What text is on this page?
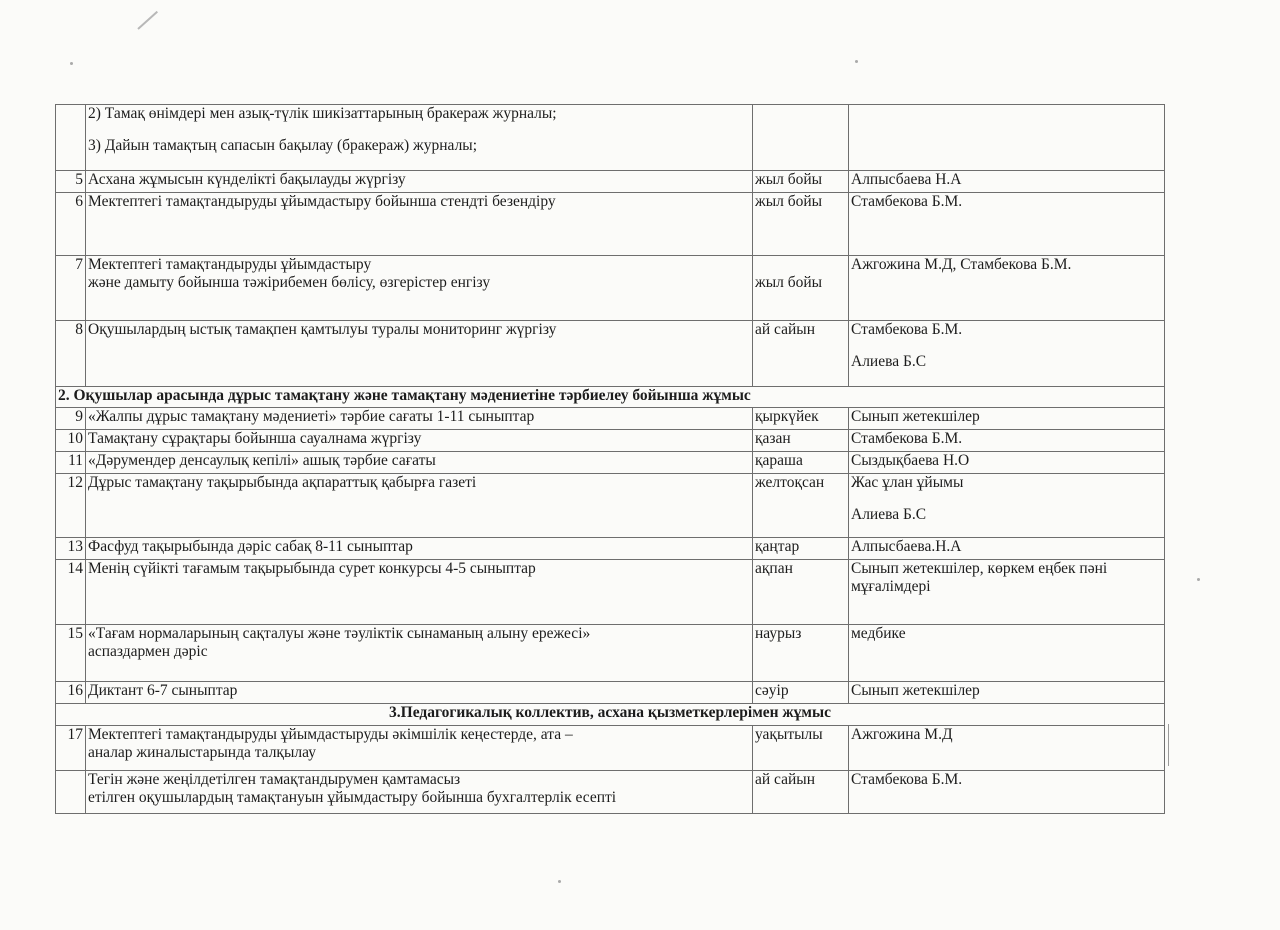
	2) Тамақ өнімдері мен азық-түлік шикізаттарының бракераж журналы;
3) Дайын тамақтың сапасын бақылау (бракераж) журналы;		

5	Асхана жұмысын күнделікті бақылауды жүргізу	жыл бойы	Алпысбаева Н.А
6	Мектептегі тамақтандыруды ұйымдастыру бойынша стендті безендіру	жыл бойы	Стамбекова Б.М.
7	Мектептегі тамақтандыруды ұйымдастыру
және дамыту бойынша тәжірибемен бөлісу, өзгерістер енгізу	жыл бойы	Ажгожина М.Д, Стамбекова Б.М.
8	Оқушылардың ыстық тамақпен қамтылуы туралы мониторинг жүргізу	ай сайын	Стамбекова Б.М.
Алиева Б.С

2. Оқушылар арасында дұрыс тамақтану және тамақтану мәдениетіне тәрбиелеу бойынша жұмыс			
9	«Жалпы дұрыс тамақтану мәдениеті» тәрбие сағаты 1-11 сыныптар	қыркүйек	Сынып жетекшілер
10	Тамақтану сұрақтары бойынша сауалнама жүргізу	қазан	Стамбекова Б.М.
11	«Дәрумендер денсаулық кепілі» ашық тәрбие сағаты	қараша	Сыздықбаева Н.О
12	Дұрыс тамақтану тақырыбында ақпараттық қабырға газеті	желтоқсан	Жас ұлан ұйымы
Алиева Б.С

13	Фасфуд тақырыбында дәріс сабақ 8-11 сыныптар	қаңтар	Алпысбаева.Н.А
14	Менің сүйікті тағамым тақырыбында сурет конкурсы 4-5 сыныптар	ақпан	Сынып жетекшілер, көркем еңбек пәні
мұғалімдері

15	«Тағам нормаларының сақталуы және тәуліктік сынаманың алыну ережесі»
аспаздармен дәріс	наурыз	медбике
16	Диктант 6-7 сыныптар	сәуір	Сынып жетекшілер
3.Педагогикалық коллектив, асхана қызметкерлерімен жұмыс			
17	Мектептегі тамақтандыруды ұйымдастыруды әкімшілік кеңестерде, ата –
аналар жиналыстарында талқылау	уақытылы	Ажгожина М.Д

	Тегін және жеңілдетілген тамақтандырумен қамтамасыз
етілген оқушылардың тамақтануын ұйымдастыру бойынша бухгалтерлік есепті	ай сайын	Стамбекова Б.М.
